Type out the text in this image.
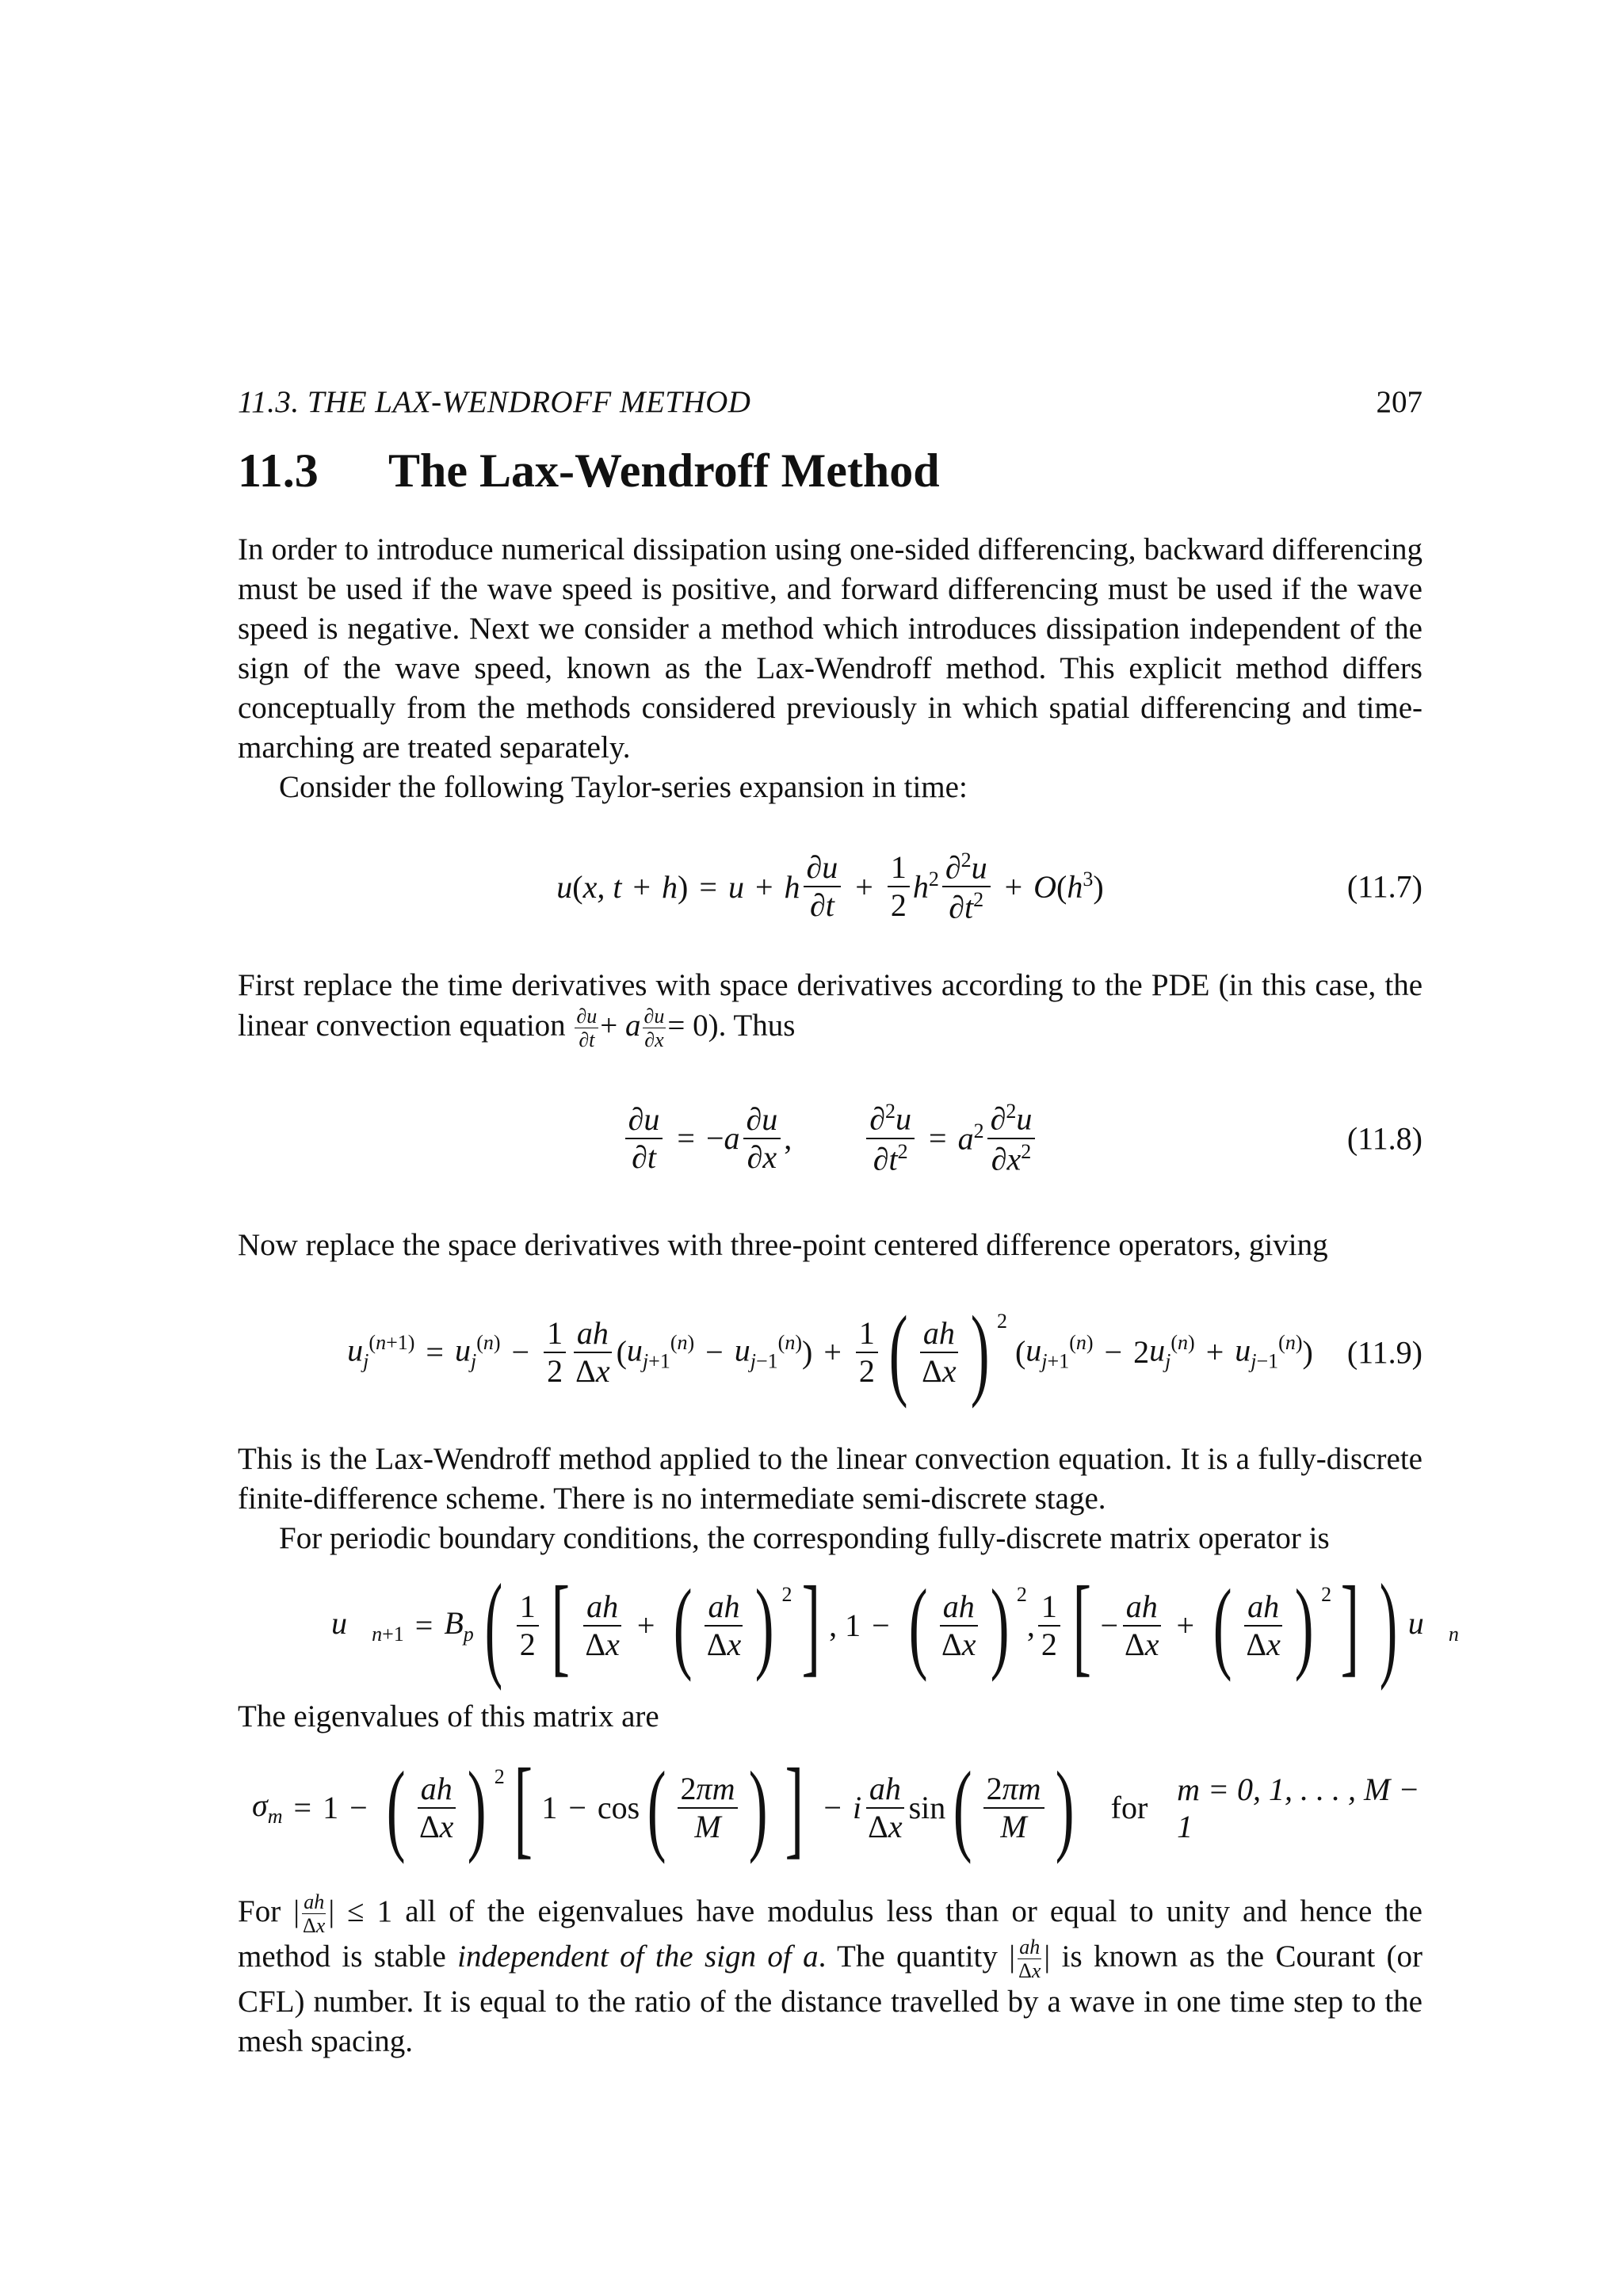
11.3. THE LAX-WENDROFF METHOD	207
11.3 The Lax-Wendroff Method

In order to introduce numerical dissipation using one-sided differencing, backward differencing must be used if the wave speed is positive, and forward differencing must be used if the wave speed is negative. Next we consider a method which introduces dissipation independent of the sign of the wave speed, known as the Lax-Wendroff method. This explicit method differs conceptually from the methods considered previously in which spatial differencing and time-marching are treated separately.

Consider the following Taylor-series expansion in time:

u ( x, t + h ) = u + h $\frac{\partial u}{\partial t} + \frac{1}{2} h^2 \frac{\partial^2u}{\partial t^2} + O$ ( $h^3$ )	(11.7)

First replace the time derivatives with space derivatives according to the PDE (in this case, the linear convection equation $\frac{\partial u}{\partial t} + a \frac{\partial u}{\partial x} = 0$). Thus

$\frac{\partial u}{\partial t}$ = − a $\frac{\partial u}{\partial x}$ , $\frac{\partial^2u}{\partial t^2} = a^2 \frac{\partial^2u}{\partial x^2}$	(11.8)

Now replace the space derivatives with three-point centered difference operators, giving

$u_j^{(n+1)} = u_j^{(n)} - \frac{1}{2} \frac{ah}{\Delta x}$ ( $u_{j+1}^{(n)} - u_{j-1}^{(n)}$ ) + $\frac{1}{2}$ ( $\frac{ah}{\Delta x}$ ) $^2$
( $u_{j+1}^{(n)} - 2$ $u_j^{(n)} + u_{j-1}^{(n)}$ ) (11.9)

This is the Lax-Wendroff method applied to the linear convection equation. It is a fully-discrete finite-difference scheme. There is no intermediate semi-discrete stage.

For periodic boundary conditions, the corresponding fully-discrete matrix operator is

$u⃗_{n+1} = B_p$ ( $\frac{1}{2}$ [ $\frac{ah}{\Delta x}$ + ( $\frac{ah}{\Delta x}$ ) $^2$ ] , 1 − ( $\frac{ah}{\Delta x}$ ) $^2$
, $\frac{1}{2}$ [ − $\frac{ah}{\Delta x}$ + ( $\frac{ah}{\Delta x}$ ) $^2$ ] ) $u⃗_n$

The eigenvalues of this matrix are

$\sigma_m = 1$ − ( $\frac{ah}{\Delta x}$ ) $^2$ [ 1 − cos ( $\frac{2\pi m}{M}$ ) ] − i $\frac{ah}{\Delta x}$ sin ( $\frac{2\pi m}{M}$ ) for
m = 0, 1, . . . , M − 1

For | $\frac{ah}{\Delta x}$ | ≤ 1 all of the eigenvalues have modulus less than or equal to unity and hence the method is stable independent of the sign of a. The quantity | $\frac{ah}{\Delta x}$ | is known as the Courant (or CFL) number. It is equal to the ratio of the distance travelled by a wave in one time step to the mesh spacing.
